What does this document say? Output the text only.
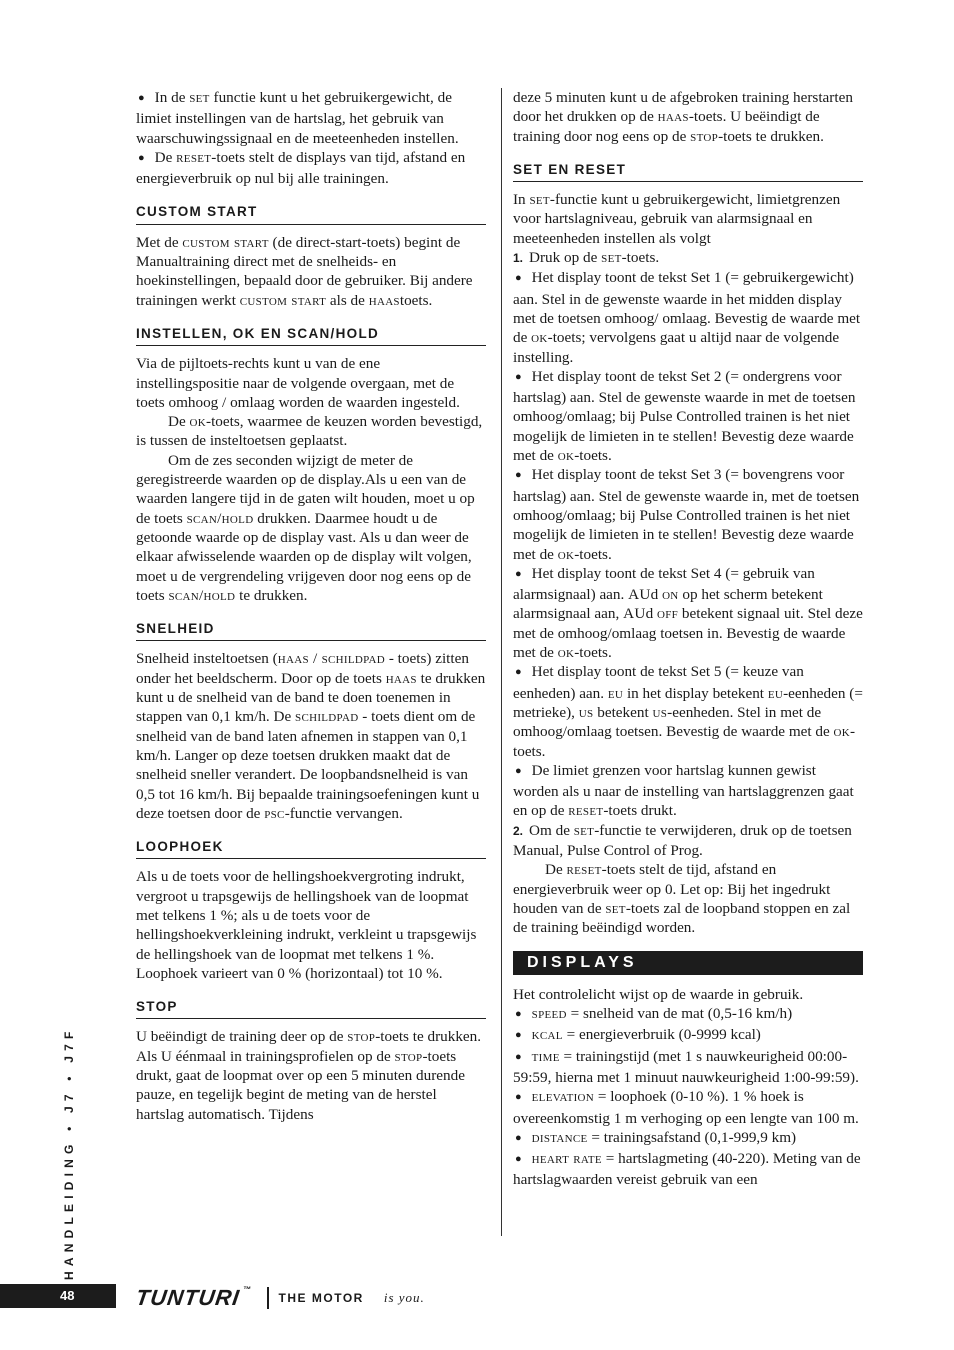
● In de set functie kunt u het gebruikergewicht, de limiet instellingen van de hartslag, het gebruik van waarschuwingssignaal en de meeteenheden instellen.

● De reset-toets stelt de displays van tijd, afstand en energieverbruik op nul bij alle trainingen.

CUSTOM START

Met de custom start (de direct-start-toets) begint de Manualtraining direct met de snelheids- en hoekinstellingen, bepaald door de gebruiker. Bij andere trainingen werkt custom start als de haastoets.

INSTELLEN, OK EN SCAN/HOLD

Via de pijltoets-rechts kunt u van de ene instellingspositie naar de volgende overgaan, met de toets omhoog / omlaag worden de waarden ingesteld.

De ok-toets, waarmee de keuzen worden bevestigd, is tussen de insteltoetsen geplaatst.

Om de zes seconden wijzigt de meter de geregistreerde waarden op de display.Als u een van de waarden langere tijd in de gaten wilt houden, moet u op de toets scan/hold drukken. Daarmee houdt u de getoonde waarde op de display vast. Als u dan weer de elkaar afwisselende waarden op de display wilt volgen, moet u de vergrendeling vrijgeven door nog eens op de toets scan/hold te drukken.

SNELHEID

Snelheid insteltoetsen (haas / schildpad - toets) zitten onder het beeldscherm. Door op de toets haas te drukken kunt u de snelheid van de band te doen toenemen in stappen van 0,1 km/h. De schildpad - toets dient om de snelheid van de band laten afnemen in stappen van 0,1 km/h. Langer op deze toetsen drukken maakt dat de snelheid sneller verandert. De loopbandsnelheid is van 0,5 tot 16 km/h. Bij bepaalde trainingsoefeningen kunt u deze toetsen door de psc-functie vervangen.

LOOPHOEK

Als u de toets voor de hellingshoekvergroting indrukt, vergroot u trapsgewijs de hellingshoek van de loopmat met telkens 1 %; als u de toets voor de hellingshoekverkleining indrukt, verkleint u trapsgewijs de hellingshoek van de loopmat met telkens 1 %. Loophoek varieert van 0 % (horizontaal) tot 10 %.

STOP

U beëindigt de training deer op de stop-toets te drukken. Als U éénmaal in trainingsprofielen op de stop-toets drukt, gaat de loopmat over op een 5 minuten durende pauze, en tegelijk begint de meting van de herstel hartslag automatisch. Tijdens

deze 5 minuten kunt u de afgebroken training herstarten door het drukken op de haas-toets. U beëindigt de training door nog eens op de stop-toets te drukken.

SET EN RESET

In set-functie kunt u gebruikergewicht, limietgrenzen voor hartslagniveau, gebruik van alarmsignaal en meeteenheden instellen als volgt

1. Druk op de set-toets.

● Het display toont de tekst Set 1 (= gebruikergewicht) aan. Stel in de gewenste waarde in het midden display met de toetsen omhoog/ omlaag. Bevestig de waarde met de ok-toets; vervolgens gaat u altijd naar de volgende instelling.

● Het display toont de tekst Set 2 (= ondergrens voor hartslag) aan. Stel de gewenste waarde in met de toetsen omhoog/omlaag; bij Pulse Controlled trainen is het niet mogelijk de limieten in te stellen! Bevestig deze waarde met de ok-toets.

● Het display toont de tekst Set 3 (= bovengrens voor hartslag) aan. Stel de gewenste waarde in, met de toetsen omhoog/omlaag; bij Pulse Controlled trainen is het niet mogelijk de limieten in te stellen! Bevestig deze waarde met de ok-toets.

● Het display toont de tekst Set 4 (= gebruik van alarmsignaal) aan. AUd on op het scherm betekent alarmsignaal aan, AUd off betekent signaal uit. Stel deze met de omhoog/omlaag toetsen in. Bevestig de waarde met de ok-toets.

● Het display toont de tekst Set 5 (= keuze van eenheden) aan. eu in het display betekent eu-eenheden (= metrieke), us betekent us-eenheden. Stel in met de omhoog/omlaag toetsen. Bevestig de waarde met de ok-toets.

● De limiet grenzen voor hartslag kunnen gewist worden als u naar de instelling van hartslaggrenzen gaat en op de reset-toets drukt.

2. Om de set-functie te verwijderen, druk op de toetsen Manual, Pulse Control of Prog.

De reset-toets stelt de tijd, afstand en energieverbruik weer op 0. Let op: Bij het ingedrukt houden van de set-toets zal de loopband stoppen en zal de training beëindigd worden.

DISPLAYS

Het controlelicht wijst op de waarde in gebruik.

● speed = snelheid van de mat (0,5-16 km/h)

● kcal = energieverbruik (0-9999 kcal)

● time = trainingstijd (met 1 s nauwkeurigheid 00:00-59:59, hierna met 1 minuut nauwkeurigheid 1:00-99:59).

● elevation = loophoek (0-10 %). 1 % hoek is overeenkomstig 1 m verhoging op een lengte van 100 m.

● distance = trainingsafstand (0,1-999,9 km)

● heart rate = hartslagmeting (40-220). Meting van de hartslagwaarden vereist gebruik van een

HANDLEIDING • J7 • J7F
48	TUNTURI™
THE MOTOR is you.
